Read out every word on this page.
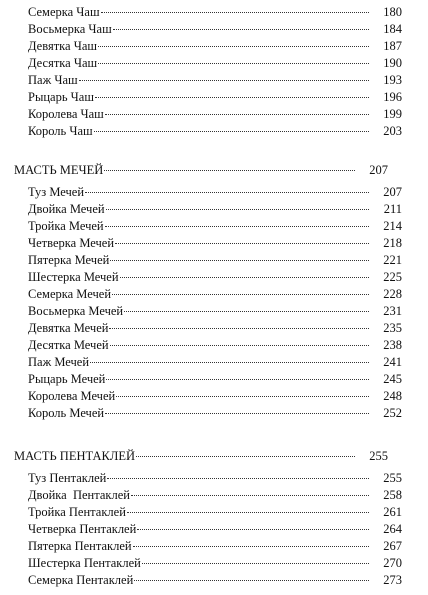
Семерка Чаш	180
Восьмерка Чаш	184
Девятка Чаш	187
Десятка Чаш	190
Паж Чаш	193
Рыцарь Чаш	196
Королева Чаш	199
Король Чаш	203
МАСТЬ МЕЧЕЙ	207
Туз Мечей	207
Двойка Мечей	211
Тройка Мечей	214
Четверка Мечей	218
Пятерка Мечей	221
Шестерка Мечей	225
Семерка Мечей	228
Восьмерка Мечей	231
Девятка Мечей	235
Десятка Мечей	238
Паж Мечей	241
Рыцарь Мечей	245
Королева Мечей	248
Король Мечей	252
МАСТЬ ПЕНТАКЛЕЙ	255
Туз Пентаклей	255
Двойка  Пентаклей	258
Тройка Пентаклей	261
Четверка Пентаклей	264
Пятерка Пентаклей	267
Шестерка Пентаклей	270
Семерка Пентаклей	273
